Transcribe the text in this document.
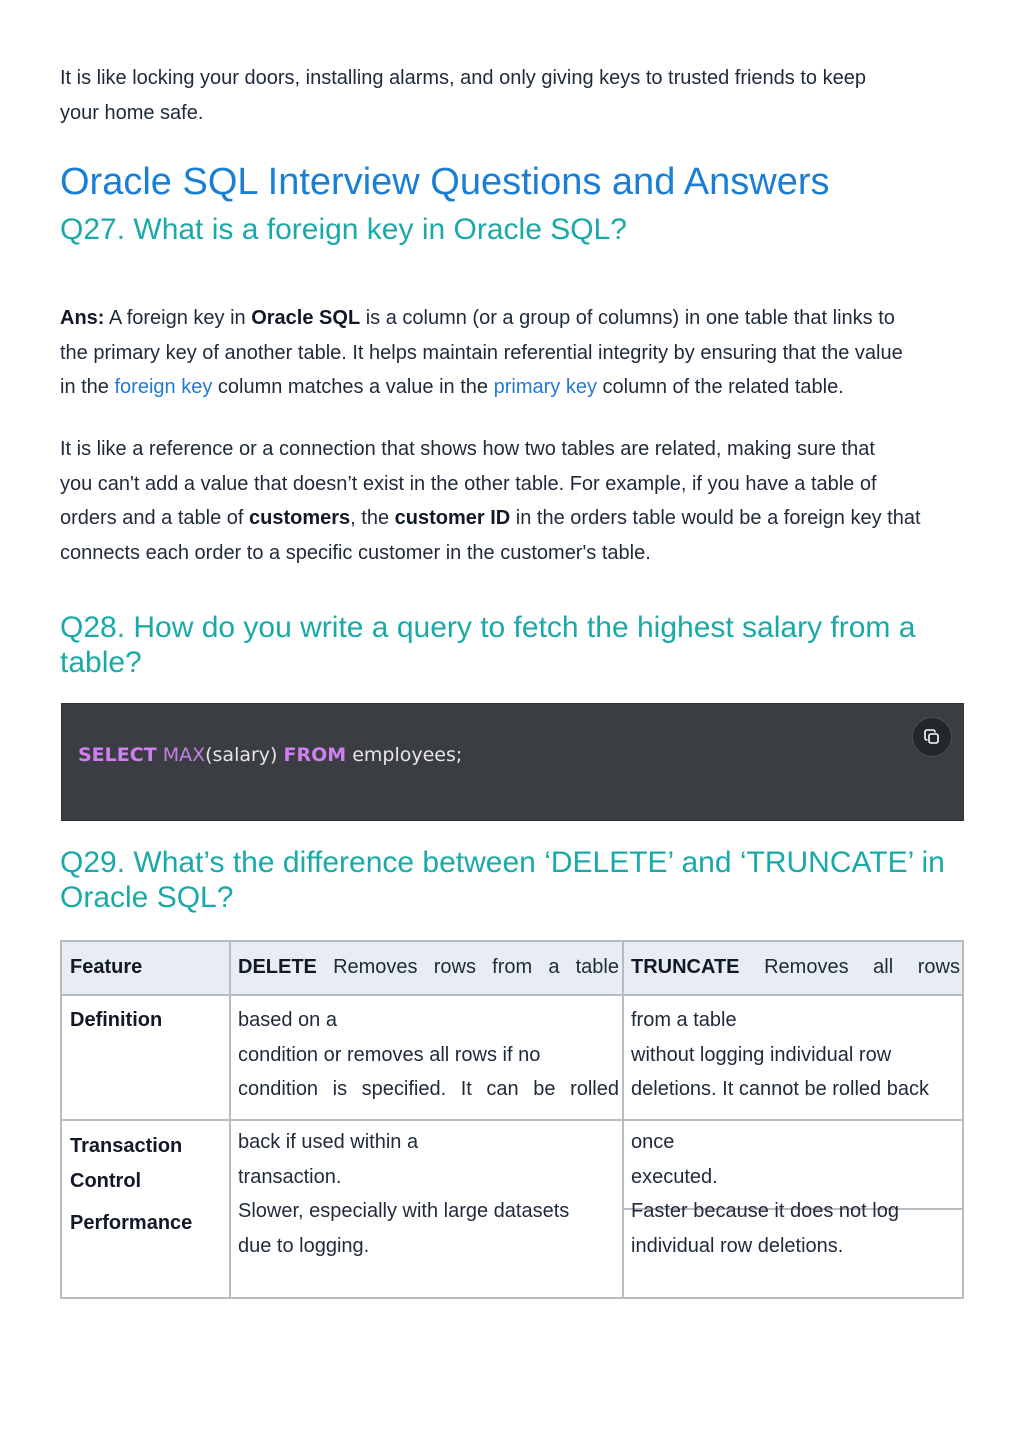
It is like locking your doors, installing alarms, and only giving keys to trusted friends to keep

your home safe.

Oracle SQL Interview Questions and Answers
Q27. What is a foreign key in Oracle SQL?

Ans: A foreign key in Oracle SQL is a column (or a group of columns) in one table that links to

the primary key of another table. It helps maintain referential integrity by ensuring that the value

in the foreign key column matches a value in the primary key column of the related table.

It is like a reference or a connection that shows how two tables are related, making sure that

you can't add a value that doesn’t exist in the other table. For example, if you have a table of

orders and a table of customers, the customer ID in the orders table would be a foreign key that

connects each order to a specific customer in the customer's table.

Q28. How do you write a query to fetch the highest salary from a
table?
SELECT MAX(salary) FROM employees;
Q29. What’s the difference between ‘DELETE’ and ‘TRUNCATE’ in
Oracle SQL?
Feature	DELETE Removes rows from a table TRUNCATE Removes all rows
Definition	based on a
condition or removes all rows if no
condition is specified. It can be rolled
from a table
without logging individual row
deletions. It cannot be rolled back
Transaction
Control
back if used within a
transaction.
once
executed.
Performance
Slower, especially with large datasets
due to logging.
Faster because it does not log
individual row deletions.
